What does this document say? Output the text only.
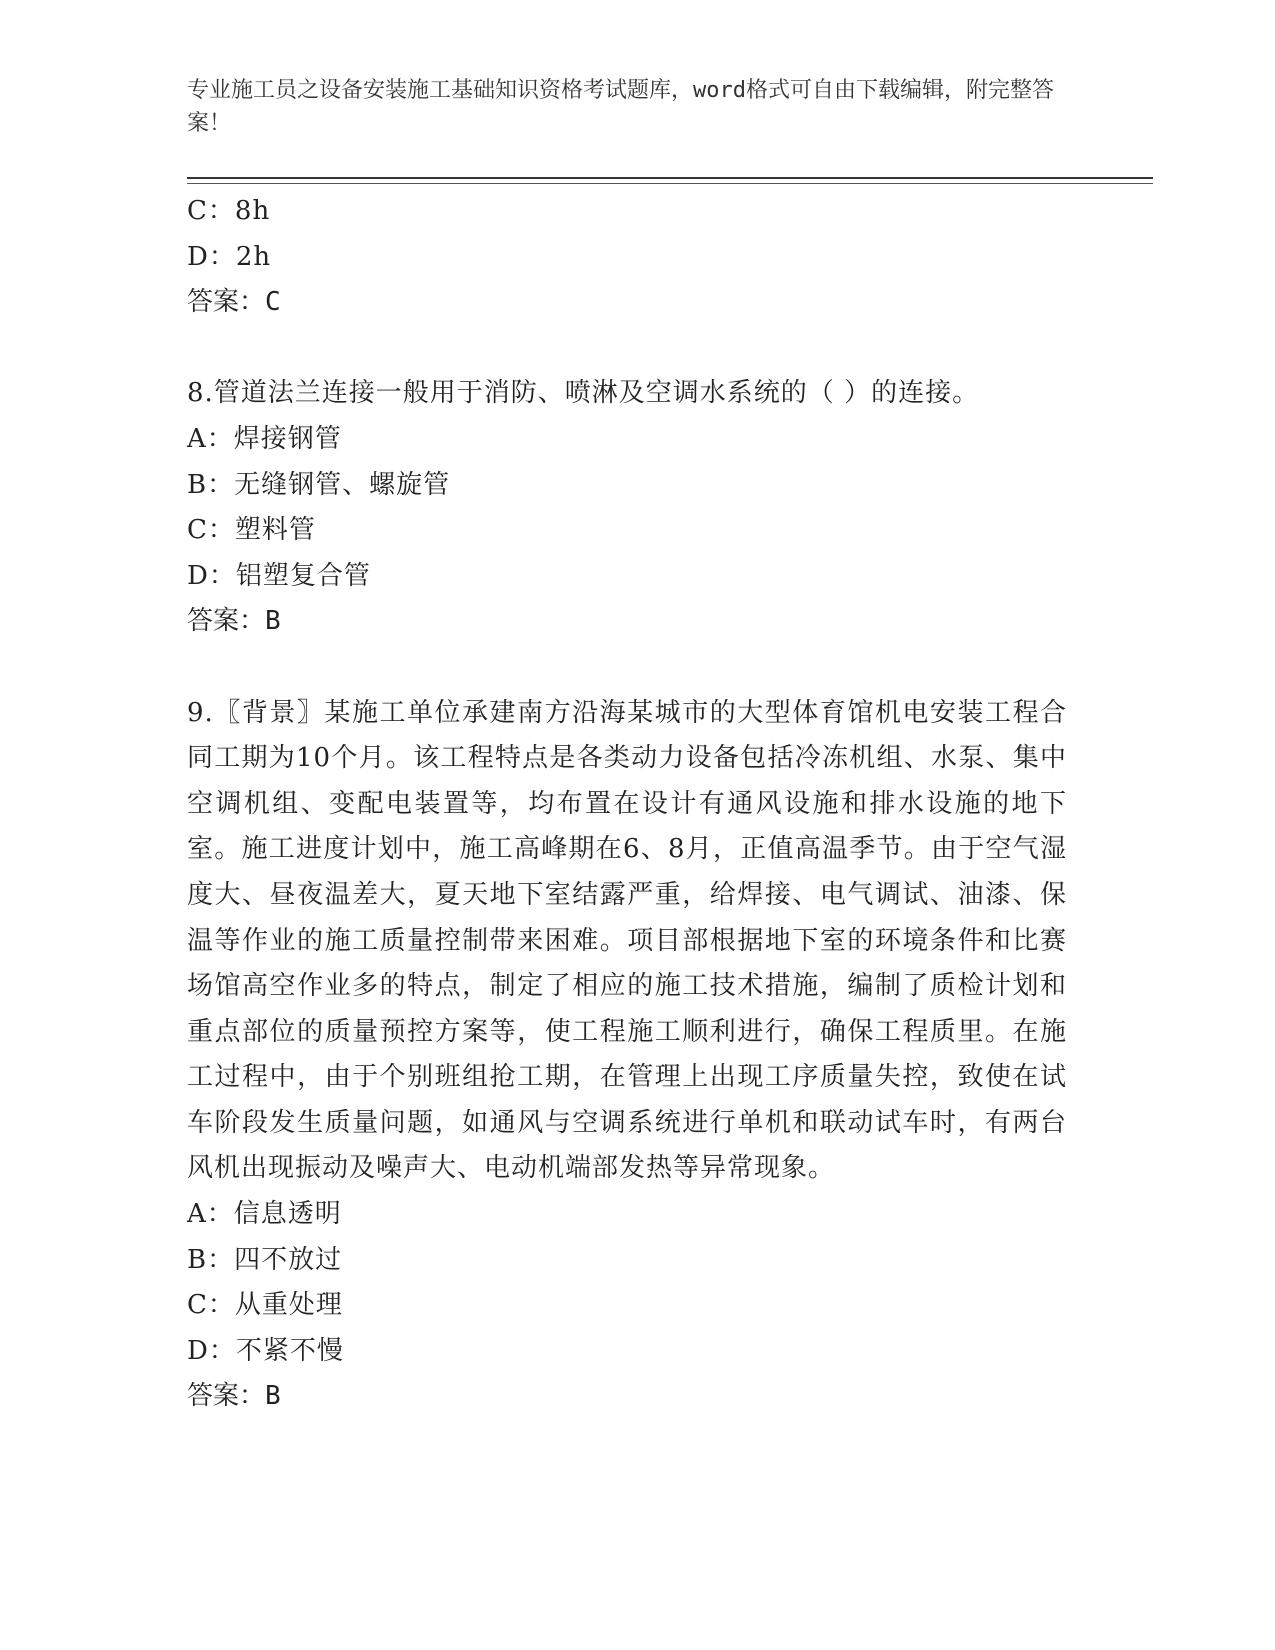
专业施工员之设备安装施工基础知识资格考试题库，word格式可自由下载编辑，附完整答案！
C：8h
D：2h
答案：C
8.管道法兰连接一般用于消防、喷淋及空调水系统的（ ）的连接。
A：焊接钢管
B：无缝钢管、螺旋管
C：塑料管
D：铝塑复合管
答案：B
9.〖背景〗某施工单位承建南方沿海某城市的大型体育馆机电安装工程合同工期为10个月。该工程特点是各类动力设备包括冷冻机组、水泵、集中空调机组、变配电装置等，均布置在设计有通风设施和排水设施的地下室。施工进度计划中，施工高峰期在6、8月，正值高温季节。由于空气湿度大、昼夜温差大，夏天地下室结露严重，给焊接、电气调试、油漆、保温等作业的施工质量控制带来困难。项目部根据地下室的环境条件和比赛场馆高空作业多的特点，制定了相应的施工技术措施，编制了质检计划和重点部位的质量预控方案等，使工程施工顺利进行，确保工程质里。在施工过程中，由于个别班组抢工期，在管理上出现工序质量失控，致使在试车阶段发生质量问题，如通风与空调系统进行单机和联动试车时，有两台风机出现振动及噪声大、电动机端部发热等异常现象。
A：信息透明
B：四不放过
C：从重处理
D：不紧不慢
答案：B
